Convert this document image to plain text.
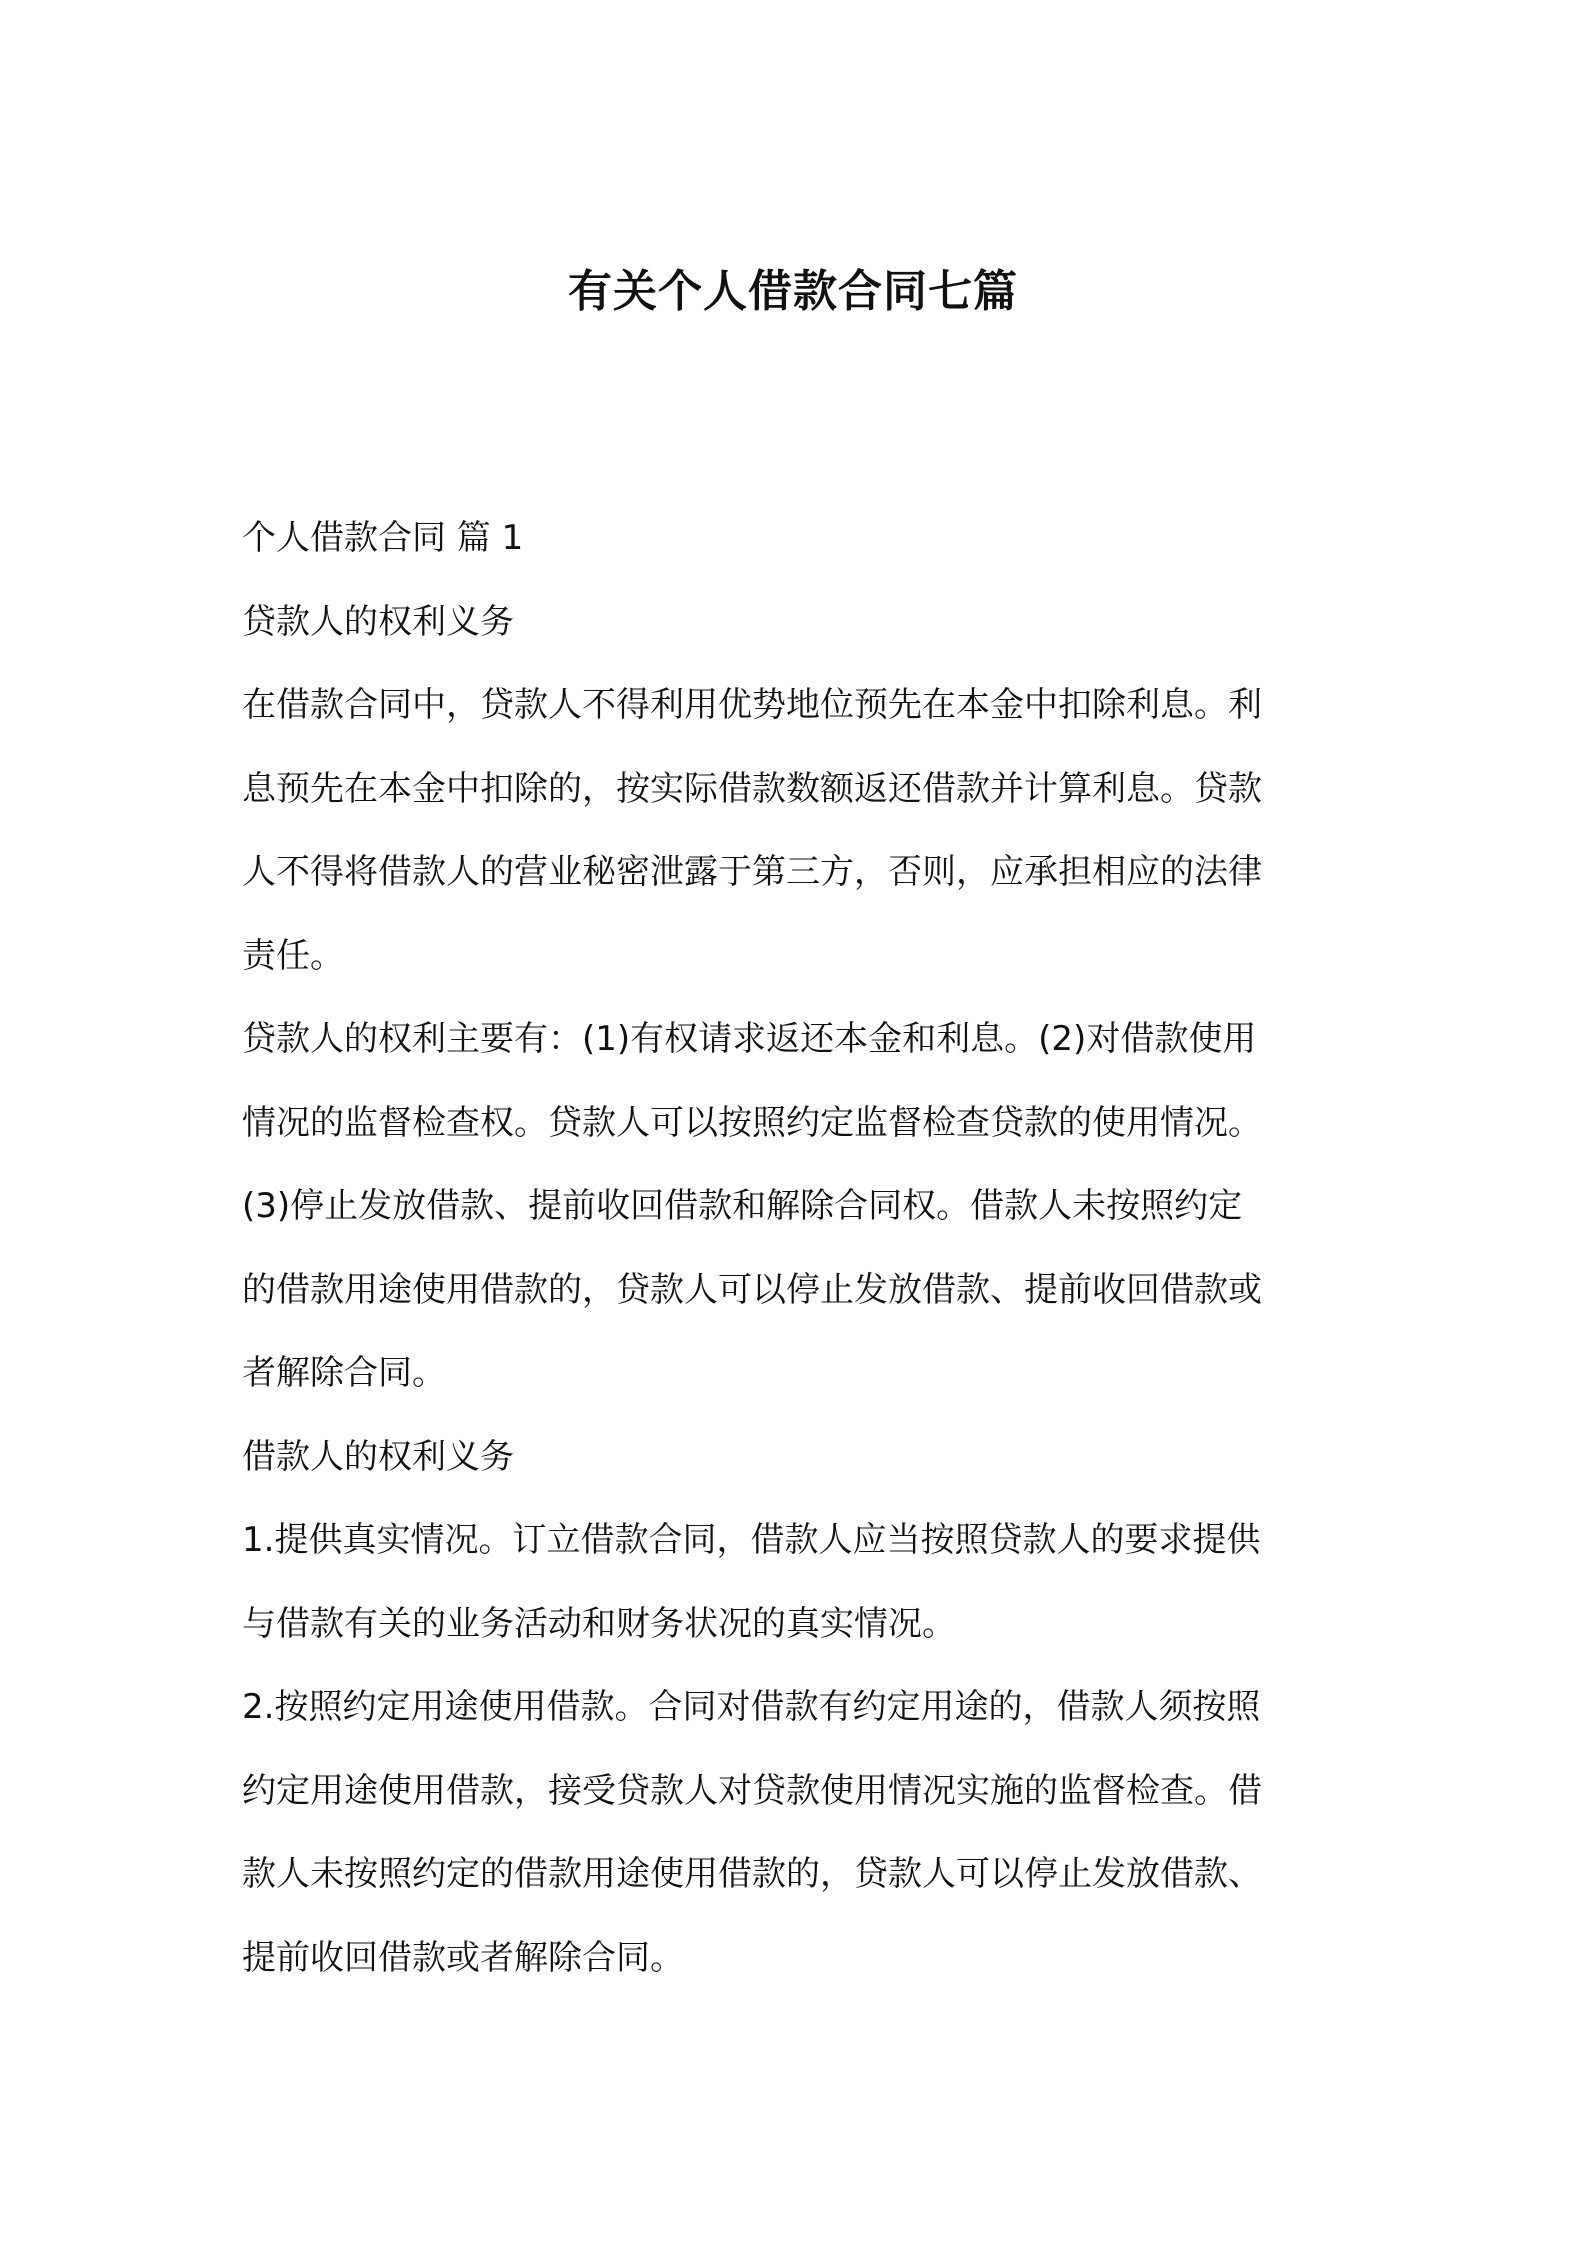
有关个人借款合同七篇

个人借款合同 篇 1

贷款人的权利义务

在借款合同中，贷款人不得利用优势地位预先在本金中扣除利息。利

息预先在本金中扣除的，按实际借款数额返还借款并计算利息。贷款

人不得将借款人的营业秘密泄露于第三方，否则，应承担相应的法律

责任。

贷款人的权利主要有：(1)有权请求返还本金和利息。(2)对借款使用

情况的监督检查权。贷款人可以按照约定监督检查贷款的使用情况。

(3)停止发放借款、提前收回借款和解除合同权。借款人未按照约定

的借款用途使用借款的，贷款人可以停止发放借款、提前收回借款或

者解除合同。

借款人的权利义务

1.提供真实情况。订立借款合同，借款人应当按照贷款人的要求提供

与借款有关的业务活动和财务状况的真实情况。

2.按照约定用途使用借款。合同对借款有约定用途的，借款人须按照

约定用途使用借款，接受贷款人对贷款使用情况实施的监督检查。借

款人未按照约定的借款用途使用借款的，贷款人可以停止发放借款、

提前收回借款或者解除合同。
